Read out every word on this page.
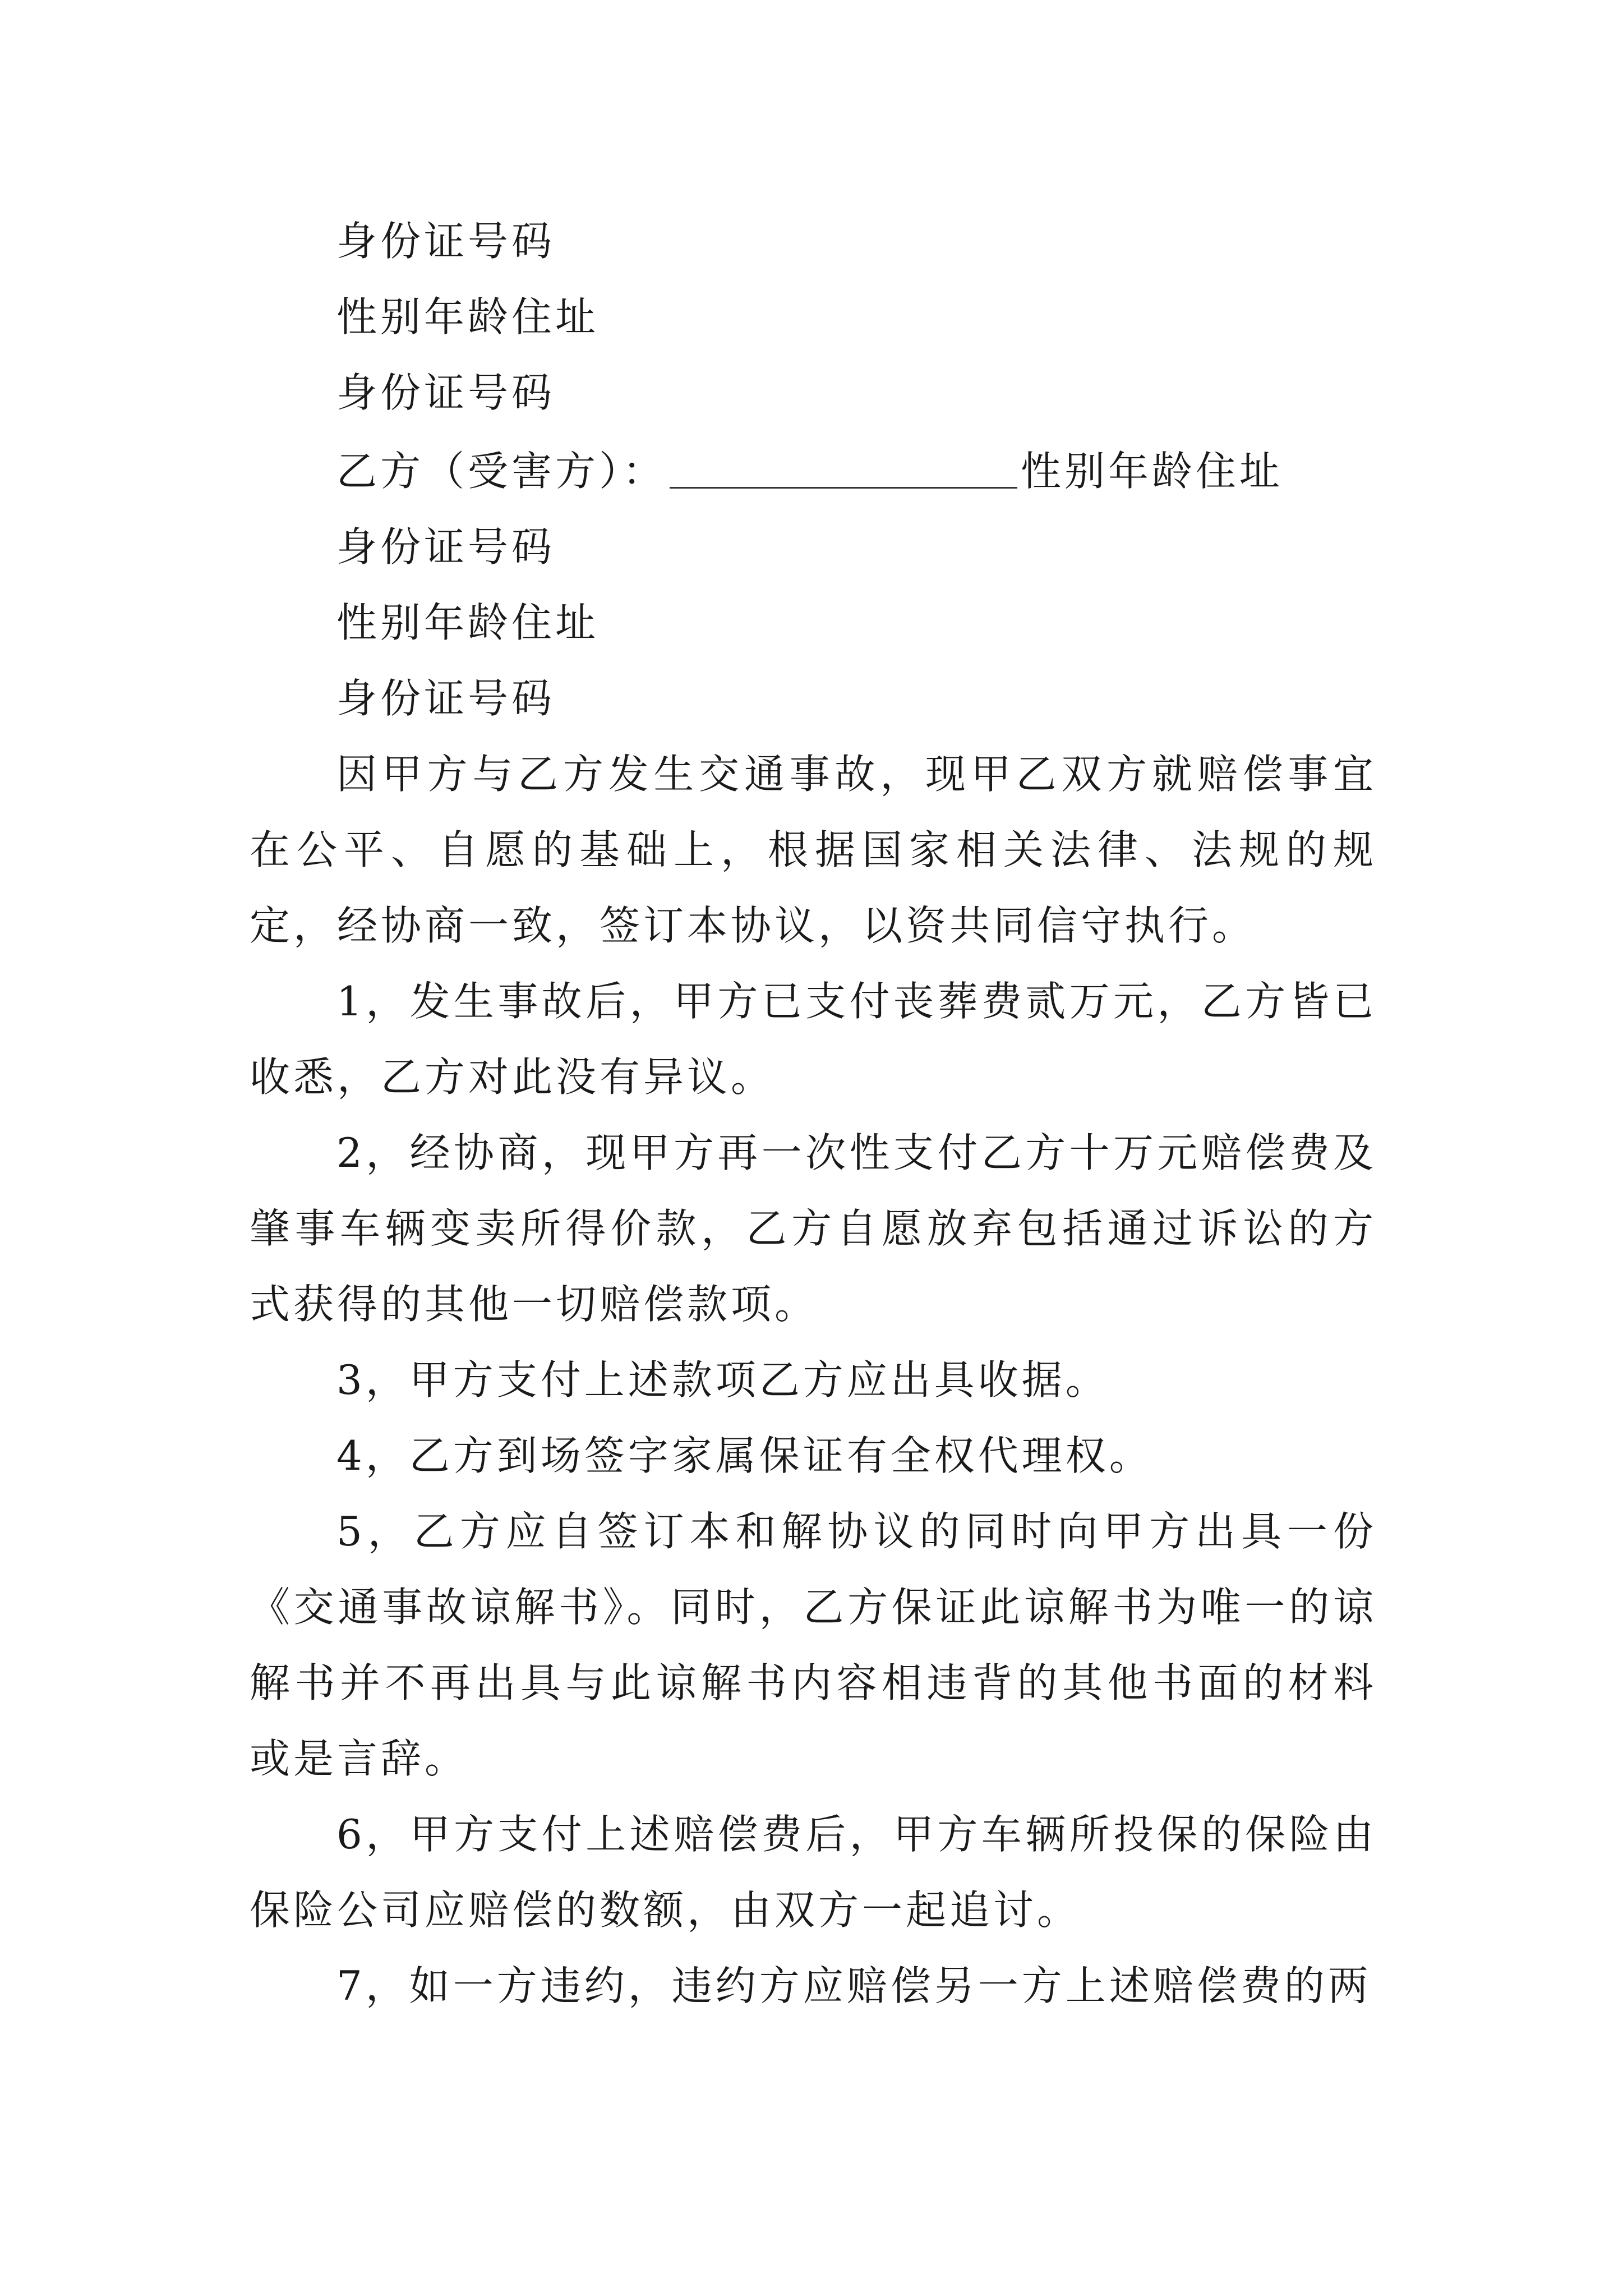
身份证号码
性别年龄住址
身份证号码
乙方（受害方）：	性别年龄住址
身份证号码
性别年龄住址
身份证号码
因甲方与乙方发生交通事故，现甲乙双方就赔偿事宜在公平、自愿的基础上，根据国家相关法律、法规的规定，经协商一致，签订本协议，以资共同信守执行。
1，发生事故后，甲方已支付丧葬费贰万元，乙方皆已收悉，乙方对此没有异议。
2，经协商，现甲方再一次性支付乙方十万元赔偿费及肇事车辆变卖所得价款，乙方自愿放弃包括通过诉讼的方式获得的其他一切赔偿款项。
3，甲方支付上述款项乙方应出具收据。
4，乙方到场签字家属保证有全权代理权。
5，乙方应自签订本和解协议的同时向甲方出具一份《交通事故谅解书》。同时，乙方保证此谅解书为唯一的谅解书并不再出具与此谅解书内容相违背的其他书面的材料或是言辞。
6，甲方支付上述赔偿费后，甲方车辆所投保的保险由保险公司应赔偿的数额，由双方一起追讨。
7，如一方违约，违约方应赔偿另一方上述赔偿费的两
